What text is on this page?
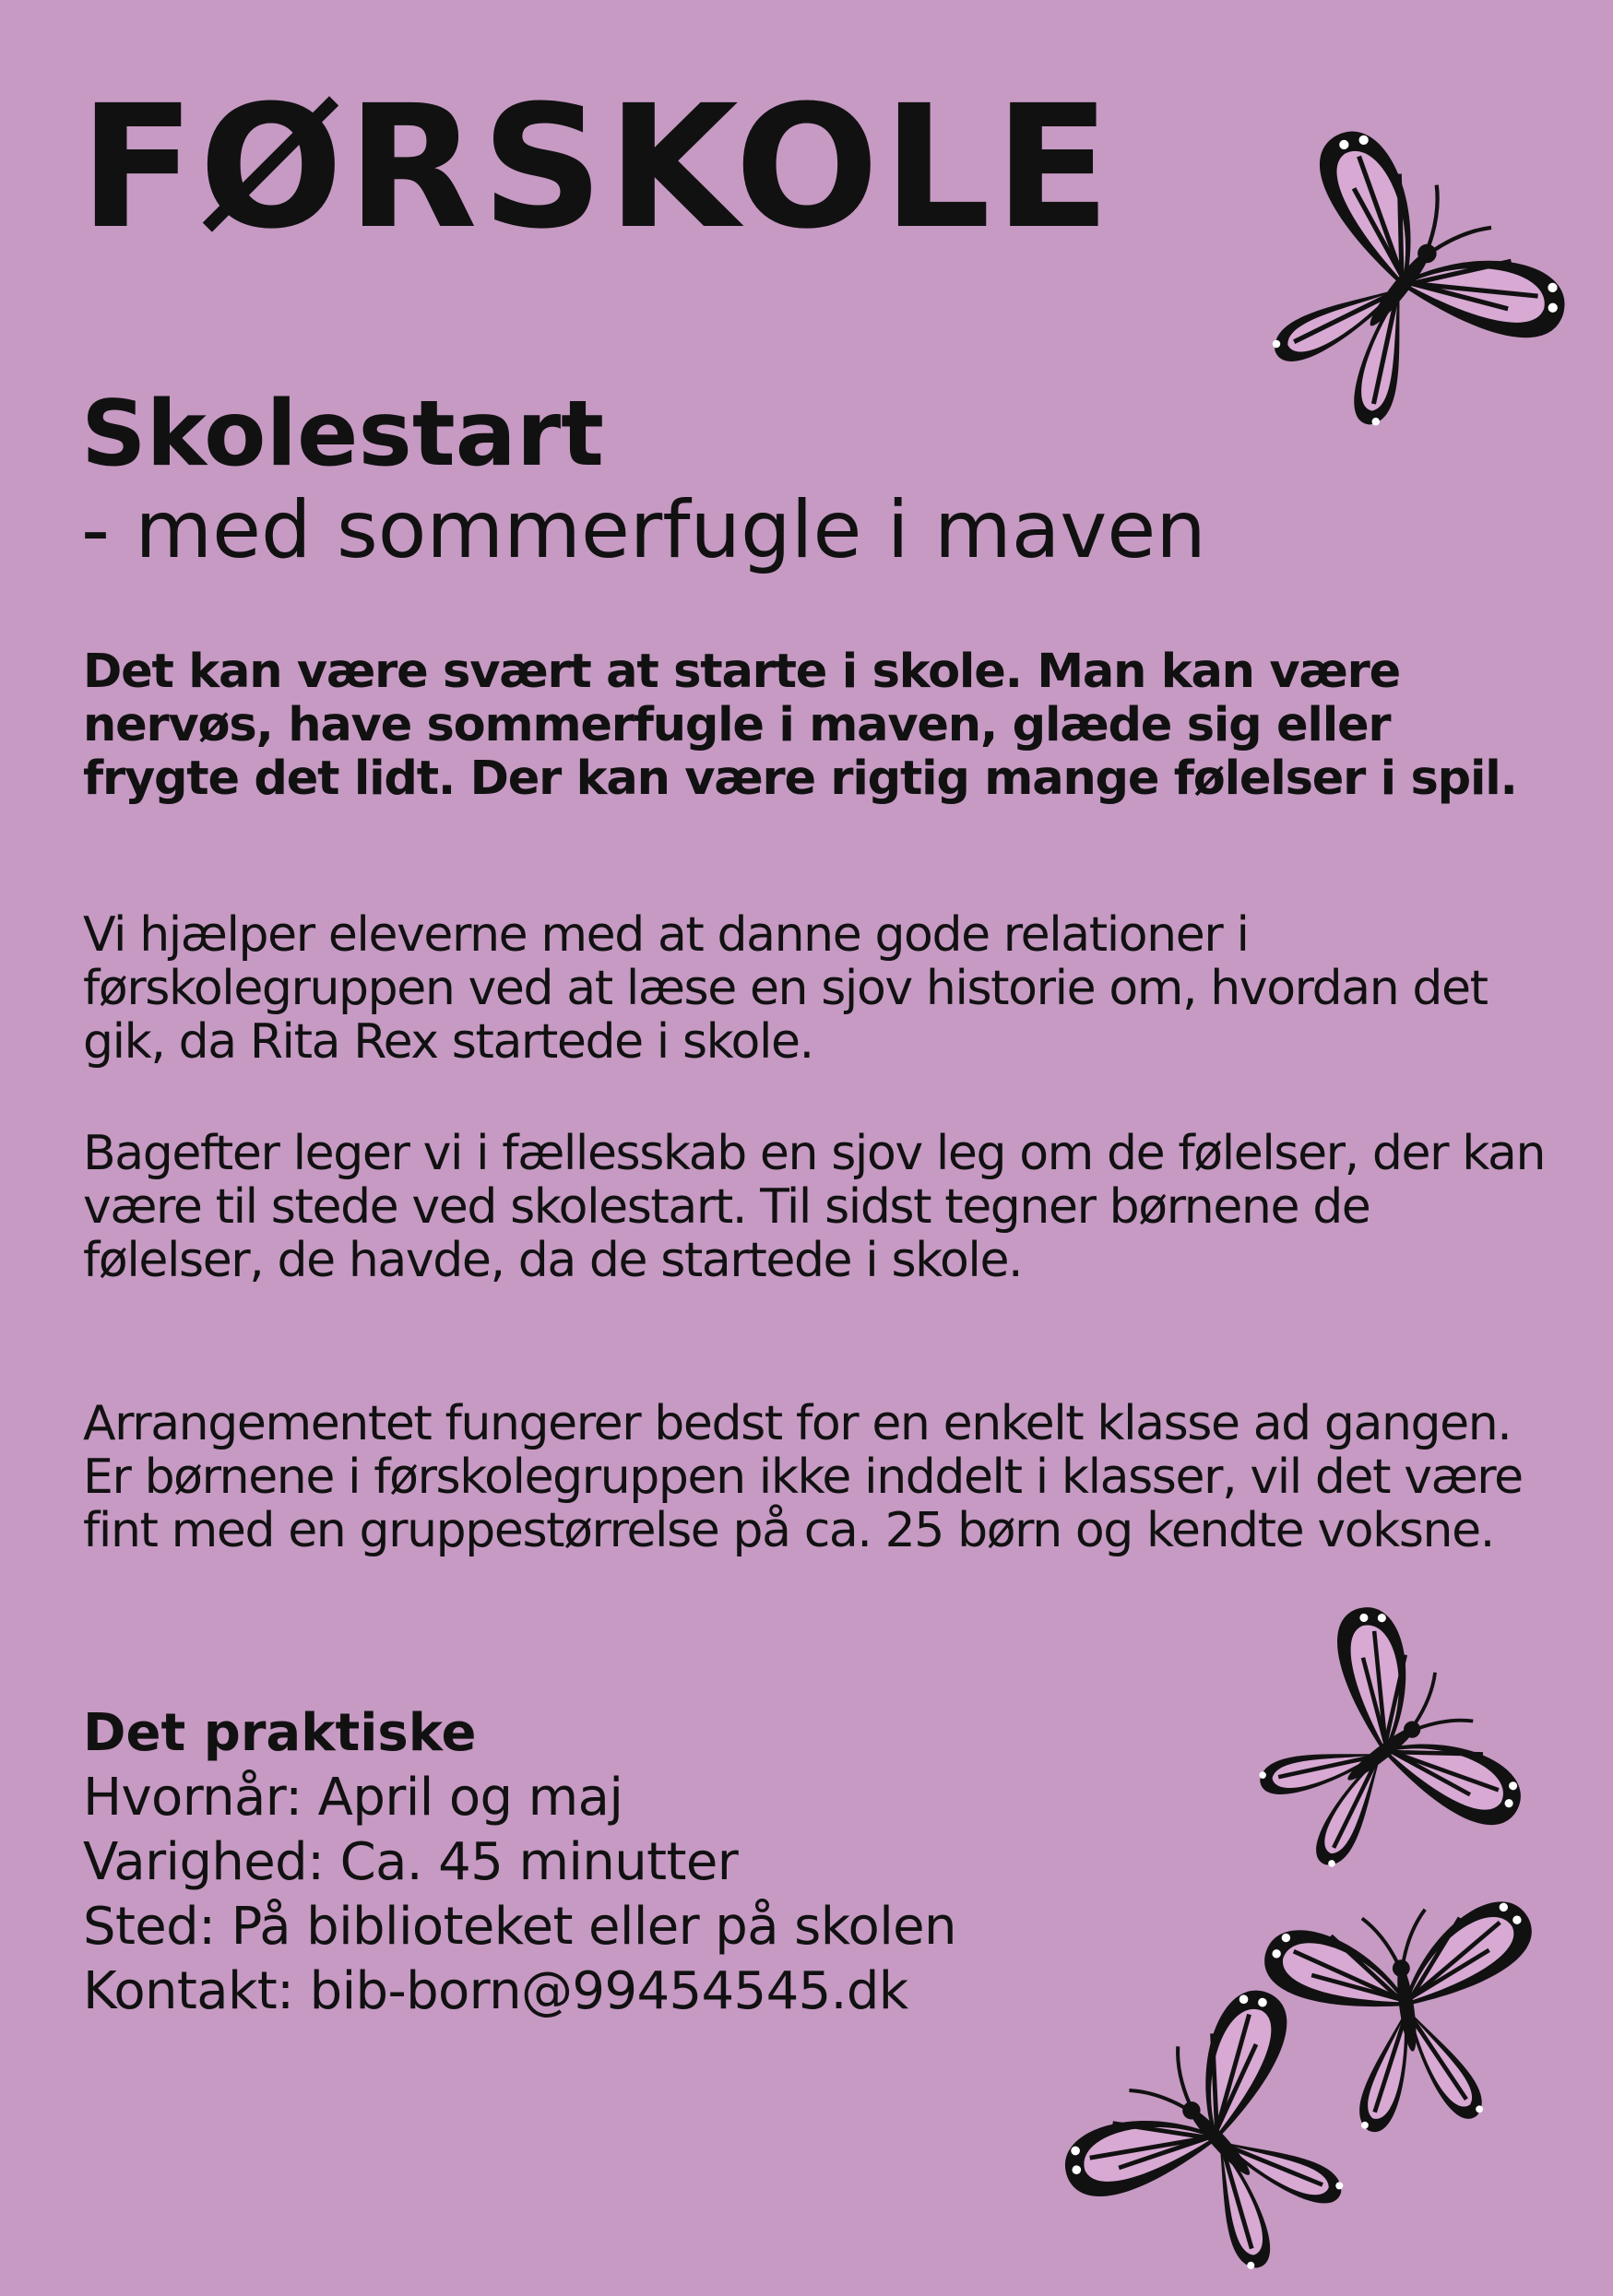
FØRSKOLE
Skolestart
- med sommerfugle i maven

Det kan være svært at starte i skole. Man kan være nervøs, have sommerfugle i maven, glæde sig eller frygte det lidt. Der kan være rigtig mange følelser i spil.

Vi hjælper eleverne med at danne gode relationer i førskolegruppen ved at læse en sjov historie om, hvordan det gik, da Rita Rex startede i skole.

Bagefter leger vi i fællesskab en sjov leg om de følelser, der kan være til stede ved skolestart. Til sidst tegner børnene de følelser, de havde, da de startede i skole.

Arrangementet fungerer bedst for en enkelt klasse ad gangen. Er børnene i førskolegruppen ikke inddelt i klasser, vil det være fint med en gruppestørrelse på ca. 25 børn og kendte voksne.

Det praktiske
Hvornår: April og maj
Varighed: Ca. 45 minutter
Sted: På biblioteket eller på skolen
Kontakt: bib-born@99454545.dk
